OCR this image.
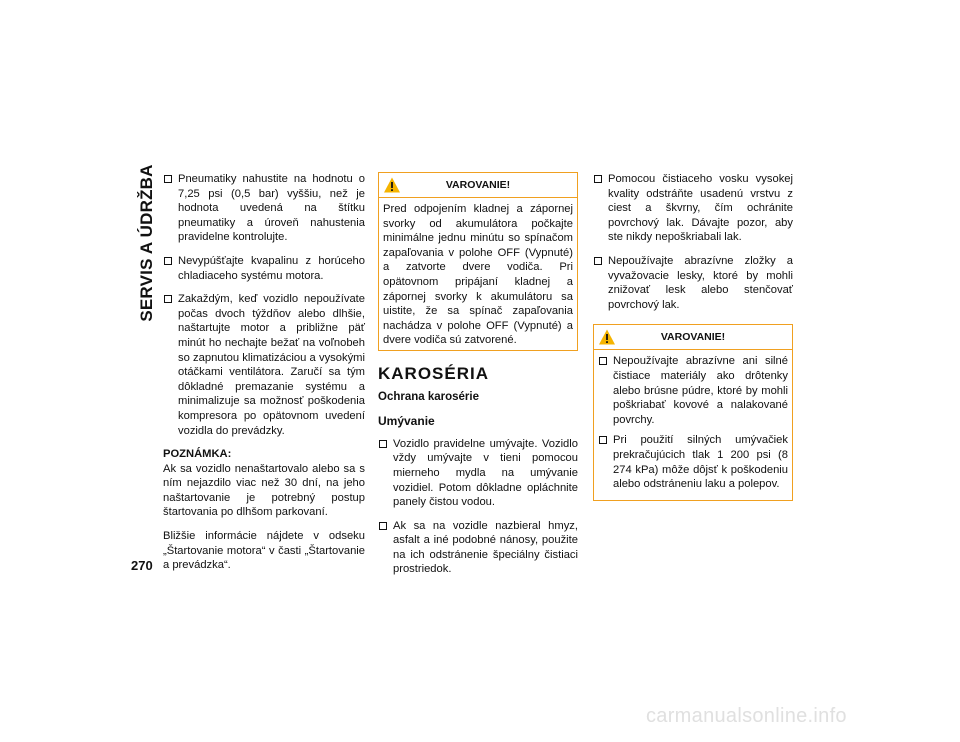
SERVIS A ÚDRŽBA Pneumatiky nahustite na hodnotu o 7,25 psi (0,5 bar) vyššiu, než je hodnota uvedená na štítku pneumatiky a úroveň nahustenia pravidelne kontrolujte.
Nevypúšťajte kvapalinu z horúceho chladiaceho systému motora.
Zakaždým, keď vozidlo nepoužívate počas dvoch týždňov alebo dlhšie, naštartujte motor a približne päť minút ho nechajte bežať na voľnobeh so zapnutou klimatizáciou a vysokými otáčkami ventilátora. Zaručí sa tým dôkladné premazanie systému a minimalizuje sa možnosť poškodenia kompresora po opätovnom uvedení vozidla do prevádzky.

POZNÁMKA:

Ak sa vozidlo nenaštartovalo alebo sa s ním nejazdilo viac než 30 dní, na jeho naštartovanie je potrebný postup štartovania po dlhšom parkovaní.

Bližšie informácie nájdete v odseku „Štartovanie motora“ v časti „Štartovanie a prevádzka“.

VAROVANIE!
Pred odpojením kladnej a zápornej svorky od akumulátora počkajte minimálne jednu minútu so spínačom zapaľovania v polohe OFF (Vypnuté) a zatvorte dvere vodiča. Pri opätovnom pripájaní kladnej a zápornej svorky k akumulátoru sa uistite, že sa spínač zapaľovania nachádza v polohe OFF (Vypnuté) a dvere vodiča sú zatvorené.
KAROSÉRIA
Ochrana karosérie
Umývanie
Vozidlo pravidelne umývajte. Vozidlo vždy umývajte v tieni pomocou mierneho mydla na umývanie vozidiel. Potom dôkladne opláchnite panely čistou vodou.
Ak sa na vozidle nazbieral hmyz, asfalt a iné podobné nánosy, použite na ich odstránenie špeciálny čistiaci prostriedok.
Pomocou čistiaceho vosku vysokej kvality odstráňte usadenú vrstvu z ciest a škvrny, čím ochránite povrchový lak. Dávajte pozor, aby ste nikdy nepoškriabali lak.
Nepoužívajte abrazívne zložky a vyvažovacie lesky, ktoré by mohli znižovať lesk alebo stenčovať povrchový lak.
VAROVANIE!
Nepoužívajte abrazívne ani silné čistiace materiály ako drôtenky alebo brúsne púdre, ktoré by mohli poškriabať kovové a nalakované povrchy.
Pri použití silných umývačiek prekračujúcich tlak 1 200 psi (8 274 kPa) môže dôjsť k poškodeniu alebo odstráneniu laku a polepov.
270
carmanualsonline.info
